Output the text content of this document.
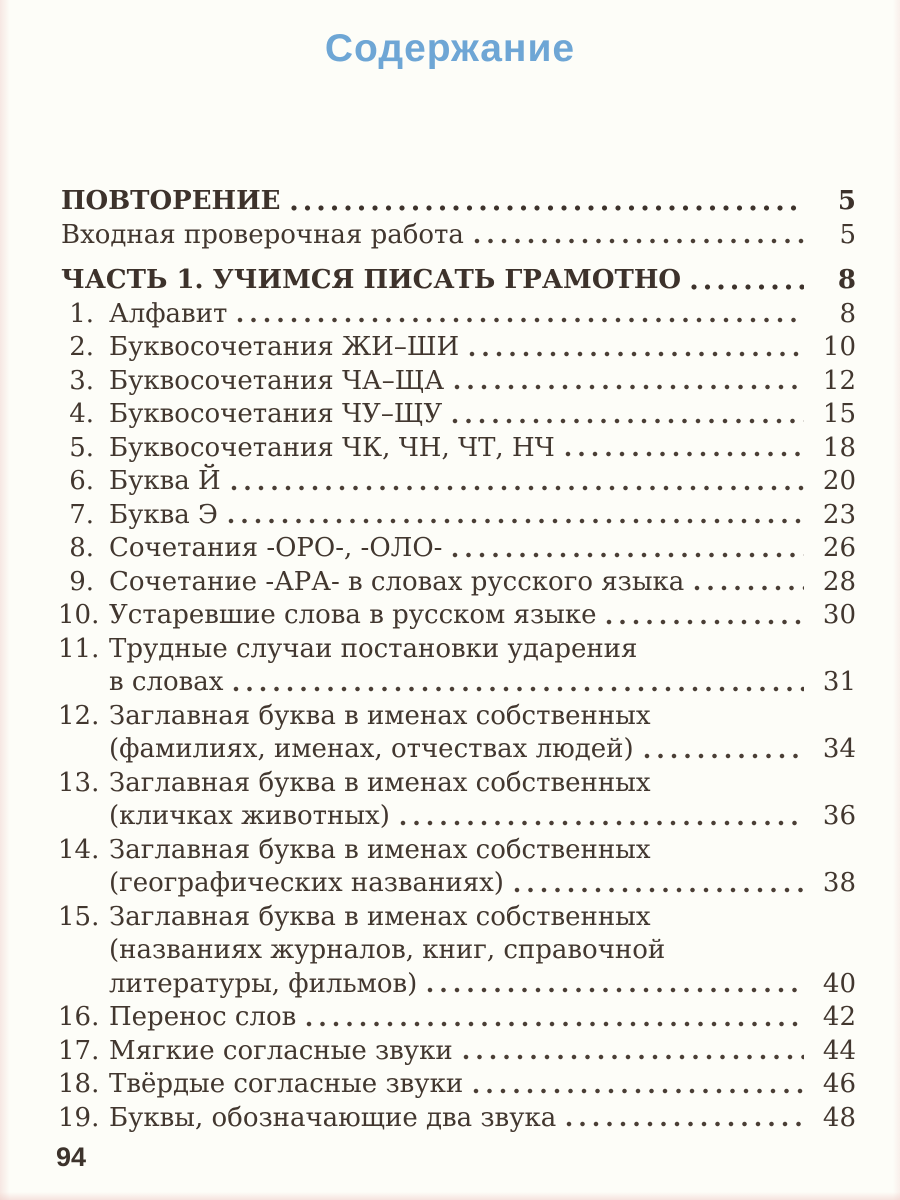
Содержание
ПОВТОРЕНИЕ	5
Входная проверочная работа	5
ЧАСТЬ 1. УЧИМСЯ ПИСАТЬ ГРАМОТНО	8
1. Алфавит	8
2. Буквосочетания ЖИ–ШИ	10
3. Буквосочетания ЧА–ЩА	12
4. Буквосочетания ЧУ–ЩУ	15
5. Буквосочетания ЧК, ЧН, ЧТ, НЧ	18
6. Буква Й	20
7. Буква Э	23
8. Сочетания -ОРО-, -ОЛО-	26
9. Сочетание -АРА- в словах русского языка	28
10. Устаревшие слова в русском языке	30
11. Трудные случаи постановки ударения
в словах	31
12. Заглавная буква в именах собственных
(фамилиях, именах, отчествах людей)	34
13. Заглавная буква в именах собственных
(кличках животных)	36
14. Заглавная буква в именах собственных
(географических названиях)	38
15. Заглавная буква в именах собственных
(названиях журналов, книг, справочной
литературы, фильмов)	40
16. Перенос слов	42
17. Мягкие согласные звуки	44
18. Твёрдые согласные звуки	46
19. Буквы, обозначающие два звука	48
94
